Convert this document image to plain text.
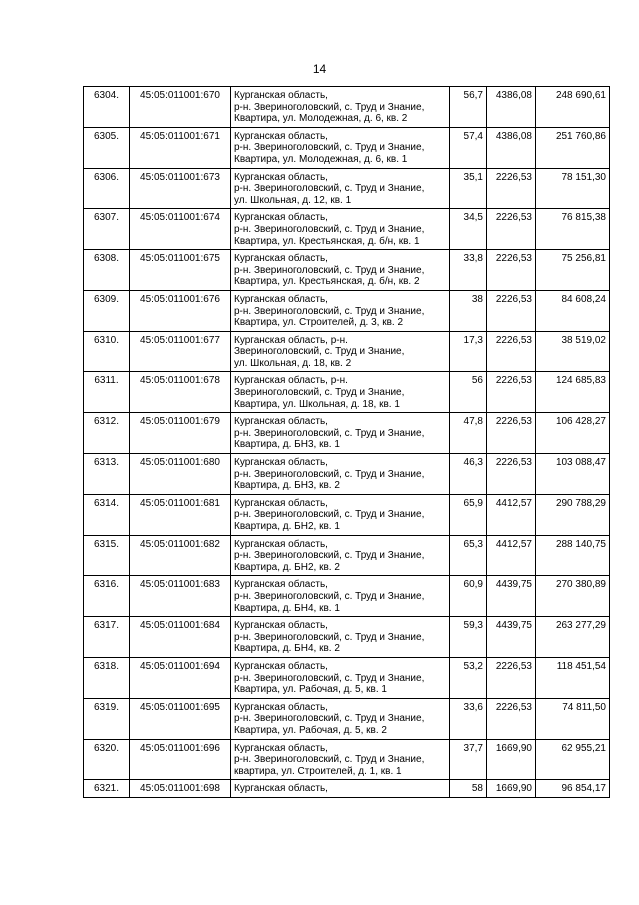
14
6304.	45:05:011001:670	Курганская область,
р-н. Звериноголовский, с. Труд и Знание,
Квартира, ул. Молодежная, д. 6, кв. 2	56,7	4386,08	248 690,61
6305.	45:05:011001:671	Курганская область,
р-н. Звериноголовский, с. Труд и Знание,
Квартира, ул. Молодежная, д. 6, кв. 1	57,4	4386,08	251 760,86
6306.	45:05:011001:673	Курганская область,
р-н. Звериноголовский, с. Труд и Знание,
ул. Школьная, д. 12, кв. 1	35,1	2226,53	78 151,30
6307.	45:05:011001:674	Курганская область,
р-н. Звериноголовский, с. Труд и Знание,
Квартира, ул. Крестьянская, д. б/н, кв. 1	34,5	2226,53	76 815,38
6308.	45:05:011001:675	Курганская область,
р-н. Звериноголовский, с. Труд и Знание,
Квартира, ул. Крестьянская, д. б/н, кв. 2	33,8	2226,53	75 256,81
6309.	45:05:011001:676	Курганская область,
р-н. Звериноголовский, с. Труд и Знание,
Квартира, ул. Строителей, д. 3, кв. 2	38	2226,53	84 608,24
6310.	45:05:011001:677	Курганская область, р-н.
Звериноголовский, с. Труд и Знание,
ул. Школьная, д. 18, кв. 2	17,3	2226,53	38 519,02
6311.	45:05:011001:678	Курганская область, р-н.
Звериноголовский, с. Труд и Знание,
Квартира, ул. Школьная, д. 18, кв. 1	56	2226,53	124 685,83
6312.	45:05:011001:679	Курганская область,
р-н. Звериноголовский, с. Труд и Знание,
Квартира, д. БН3, кв. 1	47,8	2226,53	106 428,27
6313.	45:05:011001:680	Курганская область,
р-н. Звериноголовский, с. Труд и Знание,
Квартира, д. БН3, кв. 2	46,3	2226,53	103 088,47
6314.	45:05:011001:681	Курганская область,
р-н. Звериноголовский, с. Труд и Знание,
Квартира, д. БН2, кв. 1	65,9	4412,57	290 788,29
6315.	45:05:011001:682	Курганская область,
р-н. Звериноголовский, с. Труд и Знание,
Квартира, д. БН2, кв. 2	65,3	4412,57	288 140,75
6316.	45:05:011001:683	Курганская область,
р-н. Звериноголовский, с. Труд и Знание,
Квартира, д. БН4, кв. 1	60,9	4439,75	270 380,89
6317.	45:05:011001:684	Курганская область,
р-н. Звериноголовский, с. Труд и Знание,
Квартира, д. БН4, кв. 2	59,3	4439,75	263 277,29
6318.	45:05:011001:694	Курганская область,
р-н. Звериноголовский, с. Труд и Знание,
Квартира, ул. Рабочая, д. 5, кв. 1	53,2	2226,53	118 451,54
6319.	45:05:011001:695	Курганская область,
р-н. Звериноголовский, с. Труд и Знание,
Квартира, ул. Рабочая, д. 5, кв. 2	33,6	2226,53	74 811,50
6320.	45:05:011001:696	Курганская область,
р-н. Звериноголовский, с. Труд и Знание,
квартира, ул. Строителей, д. 1, кв. 1	37,7	1669,90	62 955,21
6321.	45:05:011001:698	Курганская область,	58	1669,90	96 854,17
